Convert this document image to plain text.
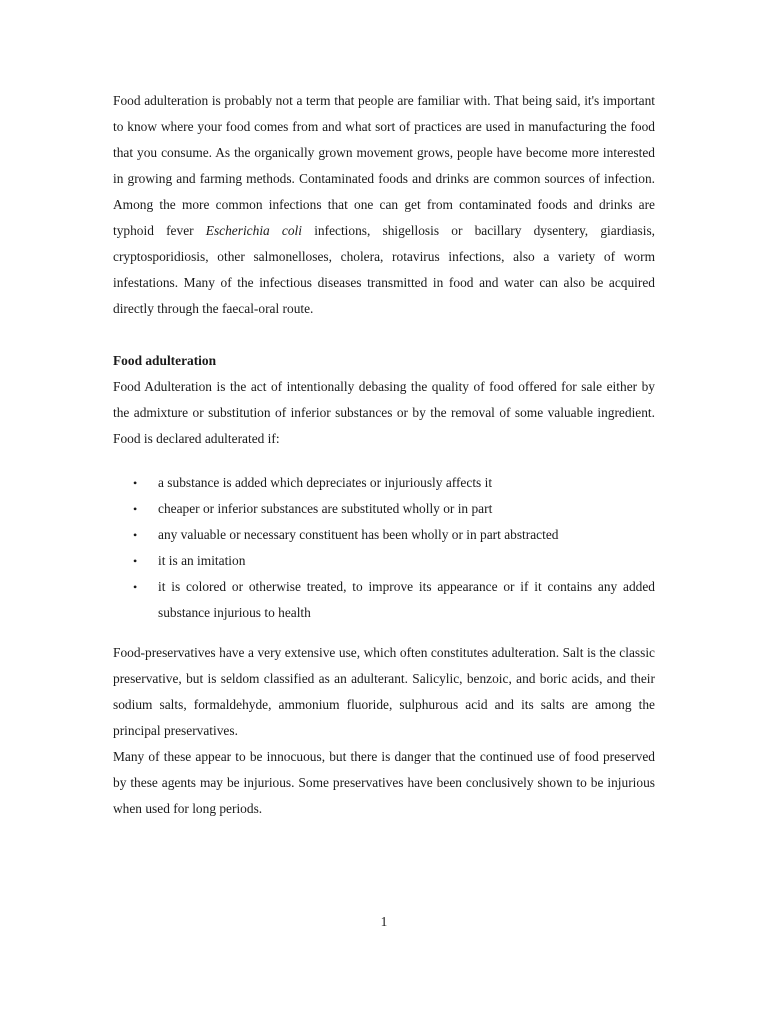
Food adulteration is probably not a term that people are familiar with. That being said, it's important to know where your food comes from and what sort of practices are used in manufacturing the food that you consume. As the organically grown movement grows, people have become more interested in growing and farming methods. Contaminated foods and drinks are common sources of infection. Among the more common infections that one can get from contaminated foods and drinks are typhoid fever Escherichia coli infections, shigellosis or bacillary dysentery, giardiasis, cryptosporidiosis, other salmonelloses, cholera, rotavirus infections, also a variety of worm infestations. Many of the infectious diseases transmitted in food and water can also be acquired directly through the faecal-oral route.

Food adulteration

Food Adulteration is the act of intentionally debasing the quality of food offered for sale either by the admixture or substitution of inferior substances or by the removal of some valuable ingredient. Food is declared adulterated if:

• a substance is added which depreciates or injuriously affects it
• cheaper or inferior substances are substituted wholly or in part
• any valuable or necessary constituent has been wholly or in part abstracted
• it is an imitation
• it is colored or otherwise treated, to improve its appearance or if it contains any added substance injurious to health

Food-preservatives have a very extensive use, which often constitutes adulteration. Salt is the classic preservative, but is seldom classified as an adulterant. Salicylic, benzoic, and boric acids, and their sodium salts, formaldehyde, ammonium fluoride, sulphurous acid and its salts are among the principal preservatives.

Many of these appear to be innocuous, but there is danger that the continued use of food preserved by these agents may be injurious. Some preservatives have been conclusively shown to be injurious when used for long periods.

1
